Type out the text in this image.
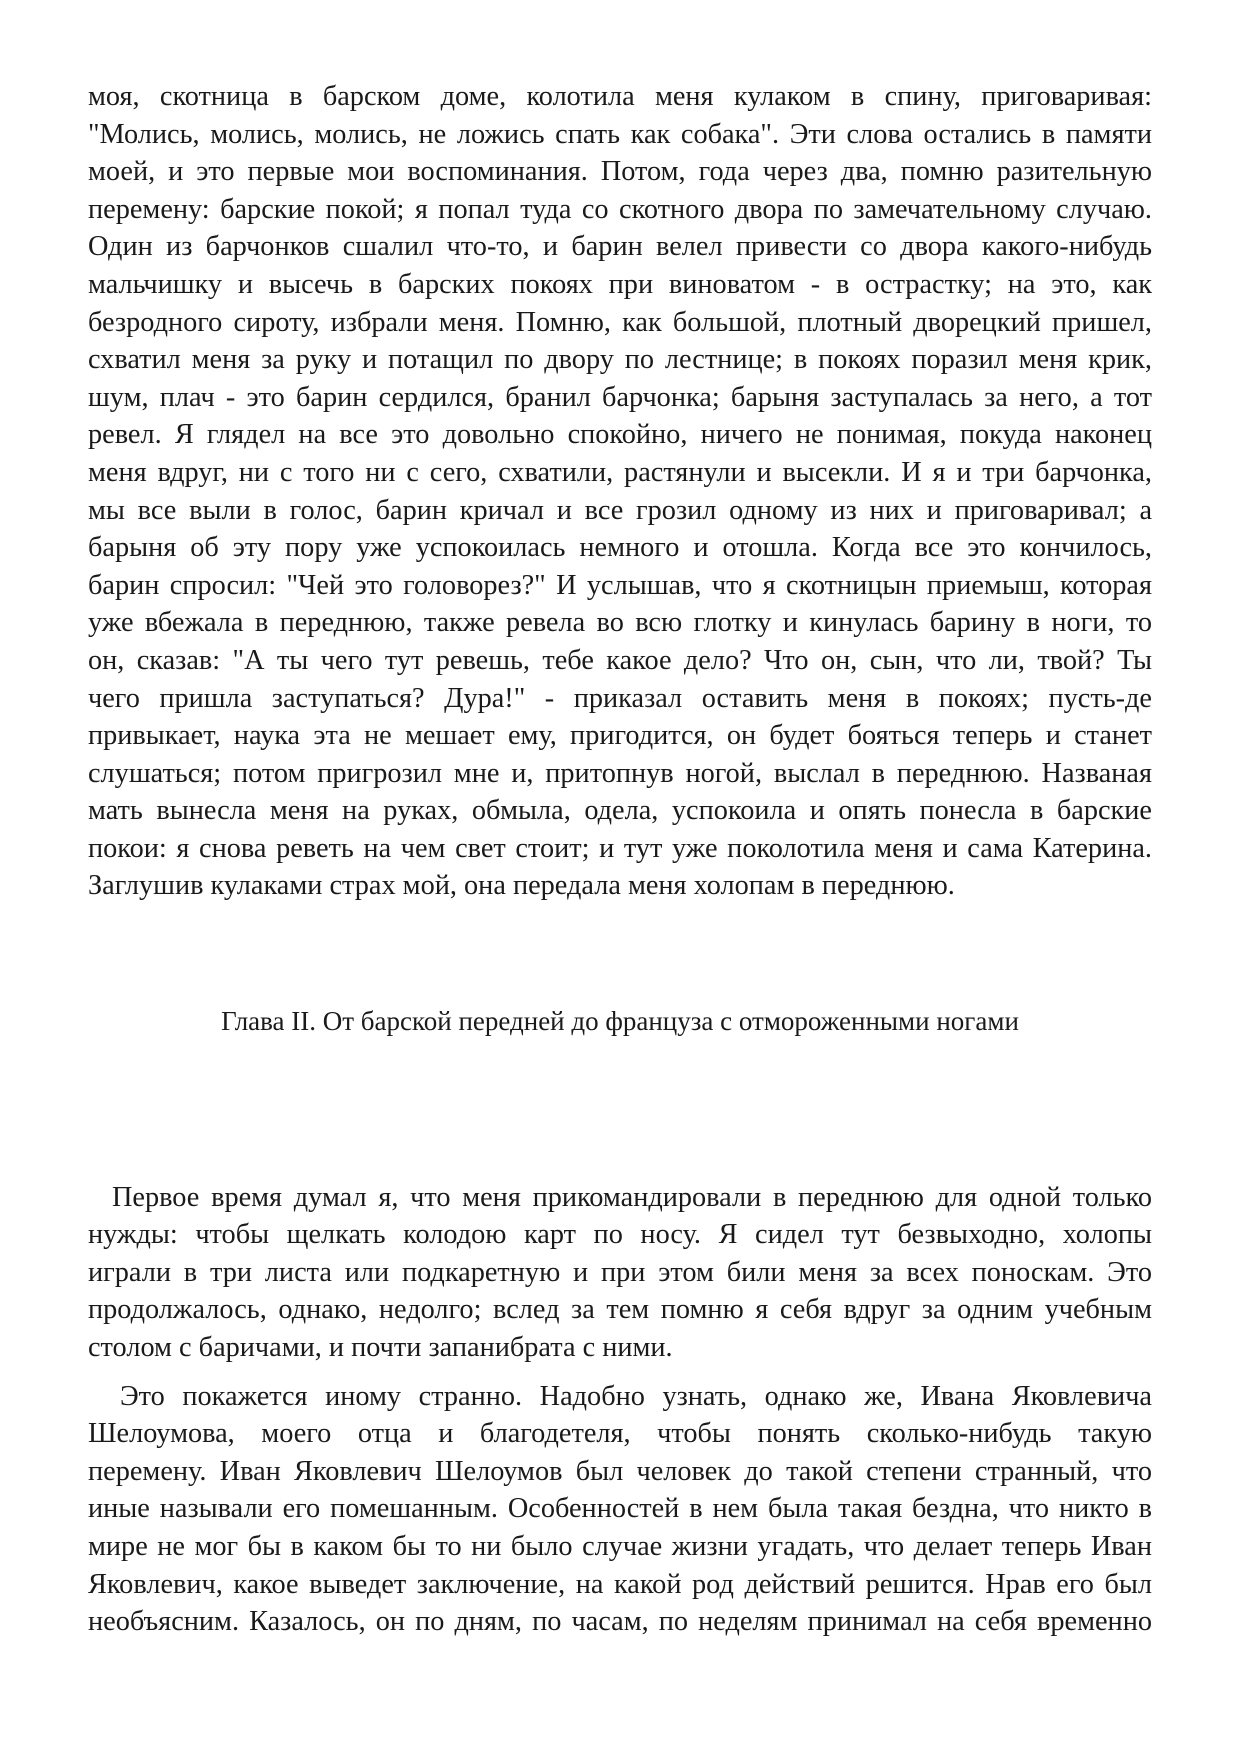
моя, скотница в барском доме, колотила меня кулаком в спину, приговаривая:
"Молись, молись, молись, не ложись спать как собака". Эти слова остались в памяти
моей, и это первые мои воспоминания. Потом, года через два, помню разительную
перемену: барские покой; я попал туда со скотного двора по замечательному случаю.
Один из барчонков сшалил что-то, и барин велел привести со двора какого-нибудь
мальчишку и высечь в барских покоях при виноватом - в острастку; на это, как
безродного сироту, избрали меня. Помню, как большой, плотный дворецкий пришел,
схватил меня за руку и потащил по двору по лестнице; в покоях поразил меня крик,
шум, плач - это барин сердился, бранил барчонка; барыня заступалась за него, а тот
ревел. Я глядел на все это довольно спокойно, ничего не понимая, покуда наконец
меня вдруг, ни с того ни с сего, схватили, растянули и высекли. И я и три барчонка,
мы все выли в голос, барин кричал и все грозил одному из них и приговаривал; а
барыня об эту пору уже успокоилась немного и отошла. Когда все это кончилось,
барин спросил: "Чей это головорез?" И услышав, что я скотницын приемыш, которая
уже вбежала в переднюю, также ревела во всю глотку и кинулась барину в ноги, то
он, сказав: "А ты чего тут ревешь, тебе какое дело? Что он, сын, что ли, твой? Ты
чего пришла заступаться? Дура!" - приказал оставить меня в покоях; пусть-де
привыкает, наука эта не мешает ему, пригодится, он будет бояться теперь и станет
слушаться; потом пригрозил мне и, притопнув ногой, выслал в переднюю. Названая
мать вынесла меня на руках, обмыла, одела, успокоила и опять понесла в барские
покои: я снова реветь на чем свет стоит; и тут уже поколотила меня и сама Катерина.
Заглушив кулаками страх мой, она передала меня холопам в переднюю.
Глава II. От барской передней до француза с отмороженными ногами
Первое время думал я, что меня прикомандировали в переднюю для одной только
нужды: чтобы щелкать колодою карт по носу. Я сидел тут безвыходно, холопы
играли в три листа или подкаретную и при этом били меня за всех поноскам. Это
продолжалось, однако, недолго; вслед за тем помню я себя вдруг за одним учебным
столом с баричами, и почти запанибрата с ними.
Это покажется иному странно. Надобно узнать, однако же, Ивана Яковлевича
Шелоумова, моего отца и благодетеля, чтобы понять сколько-нибудь такую
перемену. Иван Яковлевич Шелоумов был человек до такой степени странный, что
иные называли его помешанным. Особенностей в нем была такая бездна, что никто в
мире не мог бы в каком бы то ни было случае жизни угадать, что делает теперь Иван
Яковлевич, какое выведет заключение, на какой род действий решится. Нрав его был
необъясним. Казалось, он по дням, по часам, по неделям принимал на себя временно
